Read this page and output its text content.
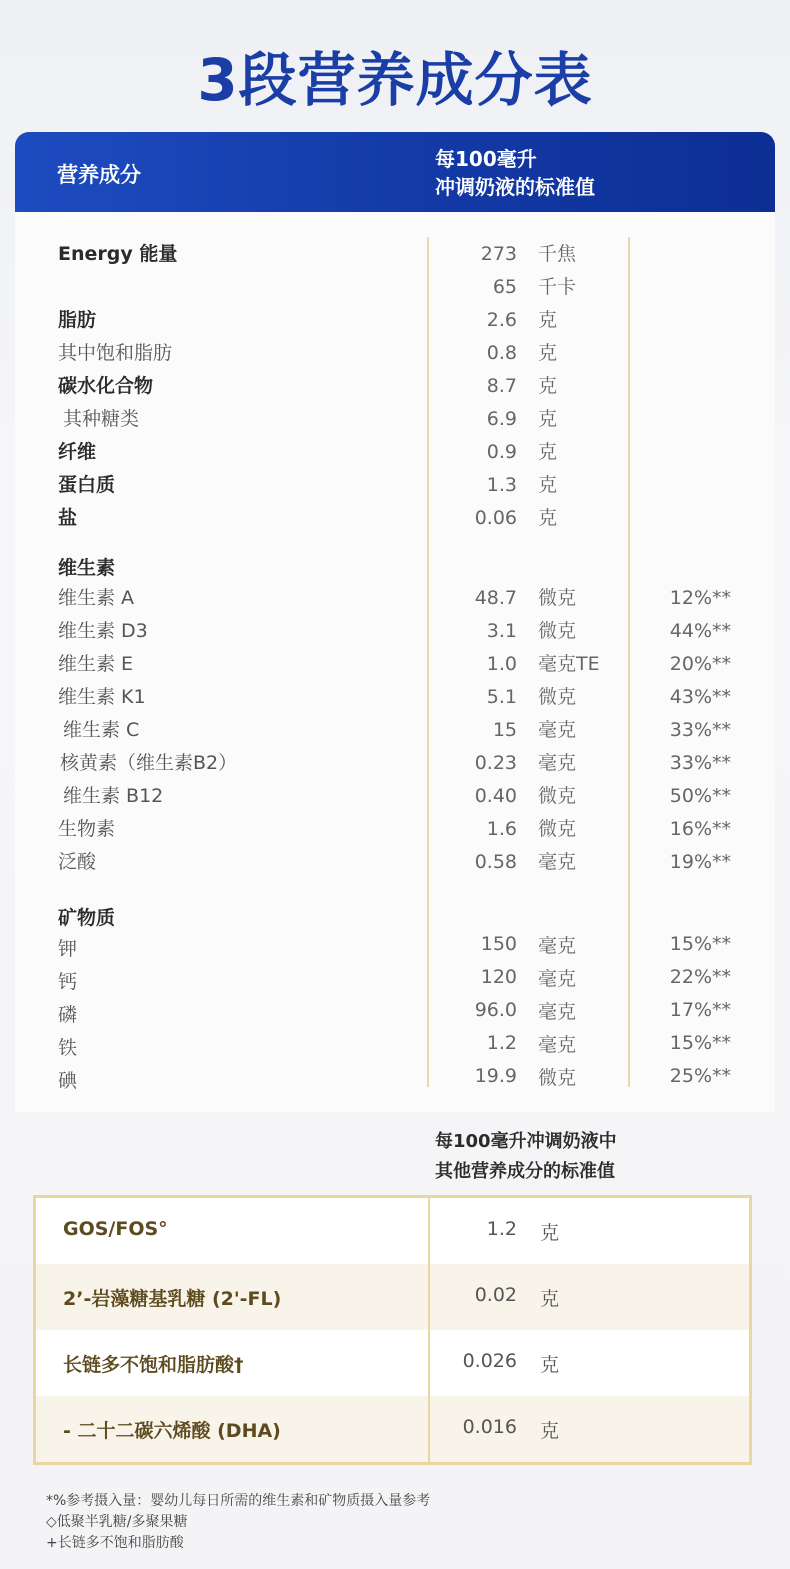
3段营养成分表
营养成分
每100毫升
冲调奶液的标准值
Energy 能量	273 千焦
65 千卡
脂肪	2.6 克
其中饱和脂肪	0.8 克
碳水化合物	8.7 克
其种糖类	6.9 克
纤维	0.9 克
蛋白质	1.3 克
盐	0.06 克
维生素
维生素 A	48.7 微克	12%**
维生素 D3	3.1 微克	44%**
维生素 E	1.0 毫克TE	20%**
维生素 K1	5.1 微克	43%**
维生素 C	15 毫克	33%**
核黄素（维生素B2）	0.23 毫克	33%**
维生素 B12	0.40 微克	50%**
生物素	1.6 微克	16%**
泛酸	0.58 毫克	19%**
矿物质
钾	150 毫克	15%**
钙	120 毫克	22%**
磷	96.0 毫克	17%**
铁	1.2 毫克	15%**
碘	19.9 微克	25%**
每100毫升冲调奶液中
其他营养成分的标准值
GOS/FOS°	1.2 克
2’-岩藻糖基乳糖 (2'-FL)	0.02 克
长链多不饱和脂肪酸†	0.026 克
- 二十二碳六烯酸 (DHA)	0.016 克
*%参考摄入量：婴幼儿每日所需的维生素和矿物质摄入量参考
◇低聚半乳糖/多聚果糖
+长链多不饱和脂肪酸
